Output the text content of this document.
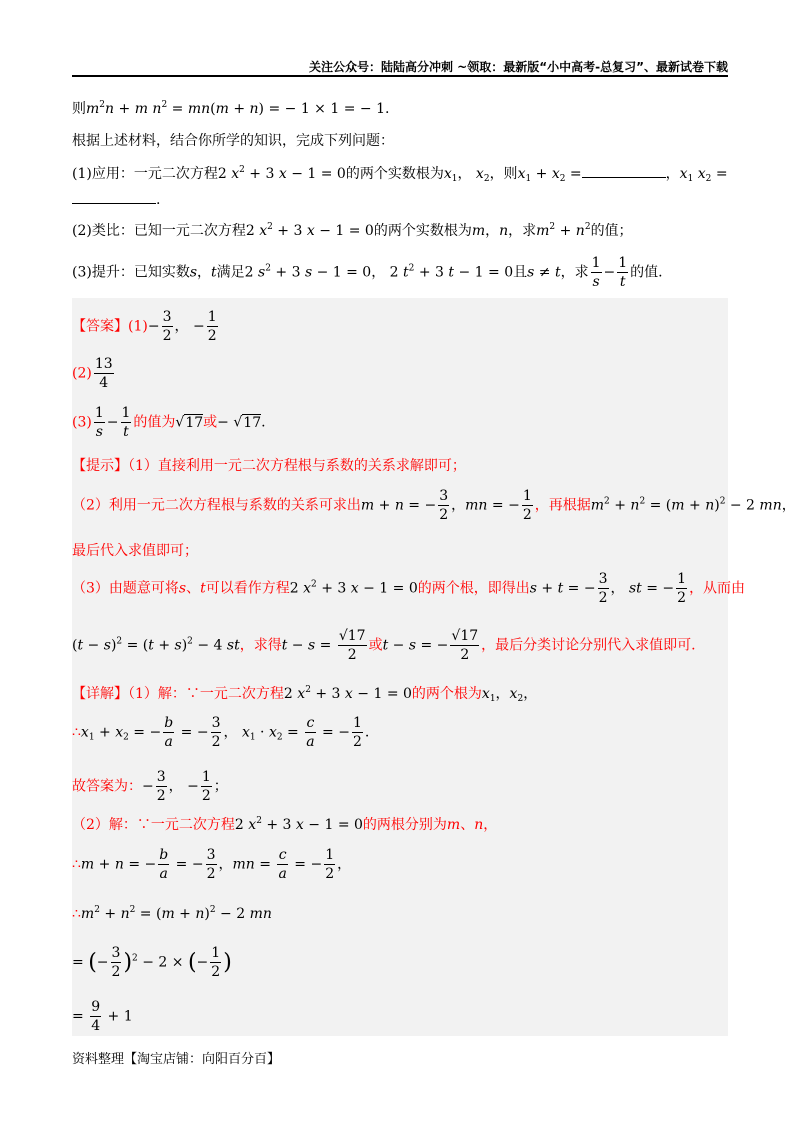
关注公众号：陆陆高分冲刺 ~领取：最新版“小中高考-总复习”、最新试卷下载
则$m^2n + m$ $n^2 = mn(m + n)$ = − 1 × 1 = − 1.
根据上述材料，结合你所学的知识，完成下列问题：
(1)应用：一元二次方程2 $x^2 + 3$ x − 1 = 0的两个实数根为$x_1$， $x_2$，则$x_1 + x_2$ =	，$x_1$ $x_2$ =
.
(2)类比：已知一元二次方程2 $x^2 + 3$ x − 1 = 0的两个实数根为m，n，求$m^2 + n^2$的值；
(3)提升：已知实数s，t满足2 $s^2 + 3$ s − 1 = 0， 2 $t^2 + 3$ t − 1 = 0且s ≠ t，求 $\frac{1}{s} - \frac{1}{t}$ 的值.
【答案】$(1)- \frac{3}{2}$ ， − $\frac{1}{2}$
$(2) \frac{13}{4}$
$(3) \frac{1}{s} - \frac{1}{t}$ 的值为√17或− √17.
【提示】（1）直接利用一元二次方程根与系数的关系求解即可；
（2）利用一元二次方程根与系数的关系可求出m + n = − $\frac{3}{2}$ ，mn = − $\frac{1}{2}$ ，再根据$m^2 + n^2 = (m + n)^2 - 2$ mn，
最后代入求值即可；
（3）由题意可将s、t可以看作方程2 $x^2 + 3$ x − 1 = 0的两个根，即得出s + t = − $\frac{3}{2}$ ， st = − $\frac{1}{2}$ ，从而由
$(t - s)^2 = (t + s)^2 - 4$ st，求得$t - s = \frac{√17}{2}$ 或t − s = − $\frac{√17}{2}$ ，最后分类讨论分别代入求值即可.
【详解】（1）解：∵一元二次方程2 $x^2 + 3$ x − 1 = 0的两个根为$x_1$，$x_2$，
$\therefore x_1 + x_2$ = − $\frac{b}{a}$ = − $\frac{3}{2}$ ， $x_1 \cdot x_2 = \frac{c}{a}$ = − $\frac{1}{2}$ .
故答案为：− $\frac{3}{2}$ ， − $\frac{1}{2}$ ；
（2）解：∵一元二次方程2 $x^2 + 3$ x − 1 = 0的两根分别为m、n，
∴m + n = − $\frac{b}{a}$ = − $\frac{3}{2}$ ，mn = $\frac{c}{a}$ = − $\frac{1}{2}$ ，
$\therefore m^2 + n^2 = (m + n)^2 - 2$ mn
= (− $\frac{3}{2} )^2 - 2$ × (− $\frac{1}{2}$ )
= $\frac{9}{4} + 1$
资料整理【淘宝店铺：向阳百分百】
